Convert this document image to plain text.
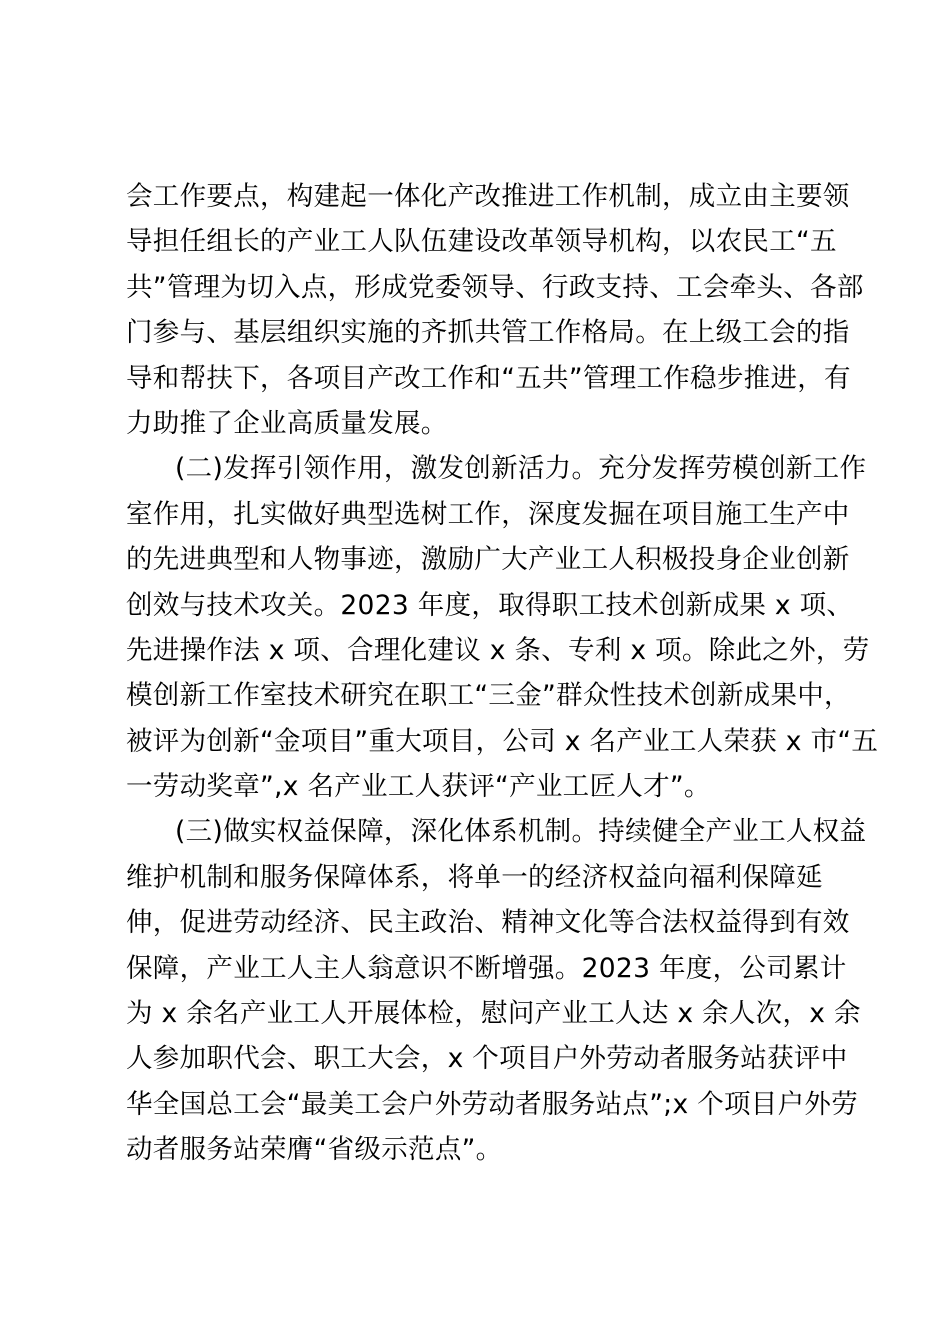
会工作要点，构建起一体化产改推进工作机制，成立由主要领
导担任组长的产业工人队伍建设改革领导机构，以农民工“五
共”管理为切入点，形成党委领导、行政支持、工会牵头、各部
门参与、基层组织实施的齐抓共管工作格局。在上级工会的指
导和帮扶下，各项目产改工作和“五共”管理工作稳步推进，有
力助推了企业高质量发展。
(二)发挥引领作用，激发创新活力。充分发挥劳模创新工作
室作用，扎实做好典型选树工作，深度发掘在项目施工生产中
的先进典型和人物事迹，激励广大产业工人积极投身企业创新
创效与技术攻关。2023 年度，取得职工技术创新成果 x 项、
先进操作法 x 项、合理化建议 x 条、专利 x 项。除此之外，劳
模创新工作室技术研究在职工“三金”群众性技术创新成果中，
被评为创新“金项目”重大项目，公司 x 名产业工人荣获 x 市“五
一劳动奖章”,x 名产业工人获评“产业工匠人才”。
(三)做实权益保障，深化体系机制。持续健全产业工人权益
维护机制和服务保障体系，将单一的经济权益向福利保障延
伸，促进劳动经济、民主政治、精神文化等合法权益得到有效
保障，产业工人主人翁意识不断增强。2023 年度，公司累计
为 x 余名产业工人开展体检，慰问产业工人达 x 余人次，x 余
人参加职代会、职工大会，x 个项目户外劳动者服务站获评中
华全国总工会“最美工会户外劳动者服务站点”;x 个项目户外劳
动者服务站荣膺“省级示范点”。
